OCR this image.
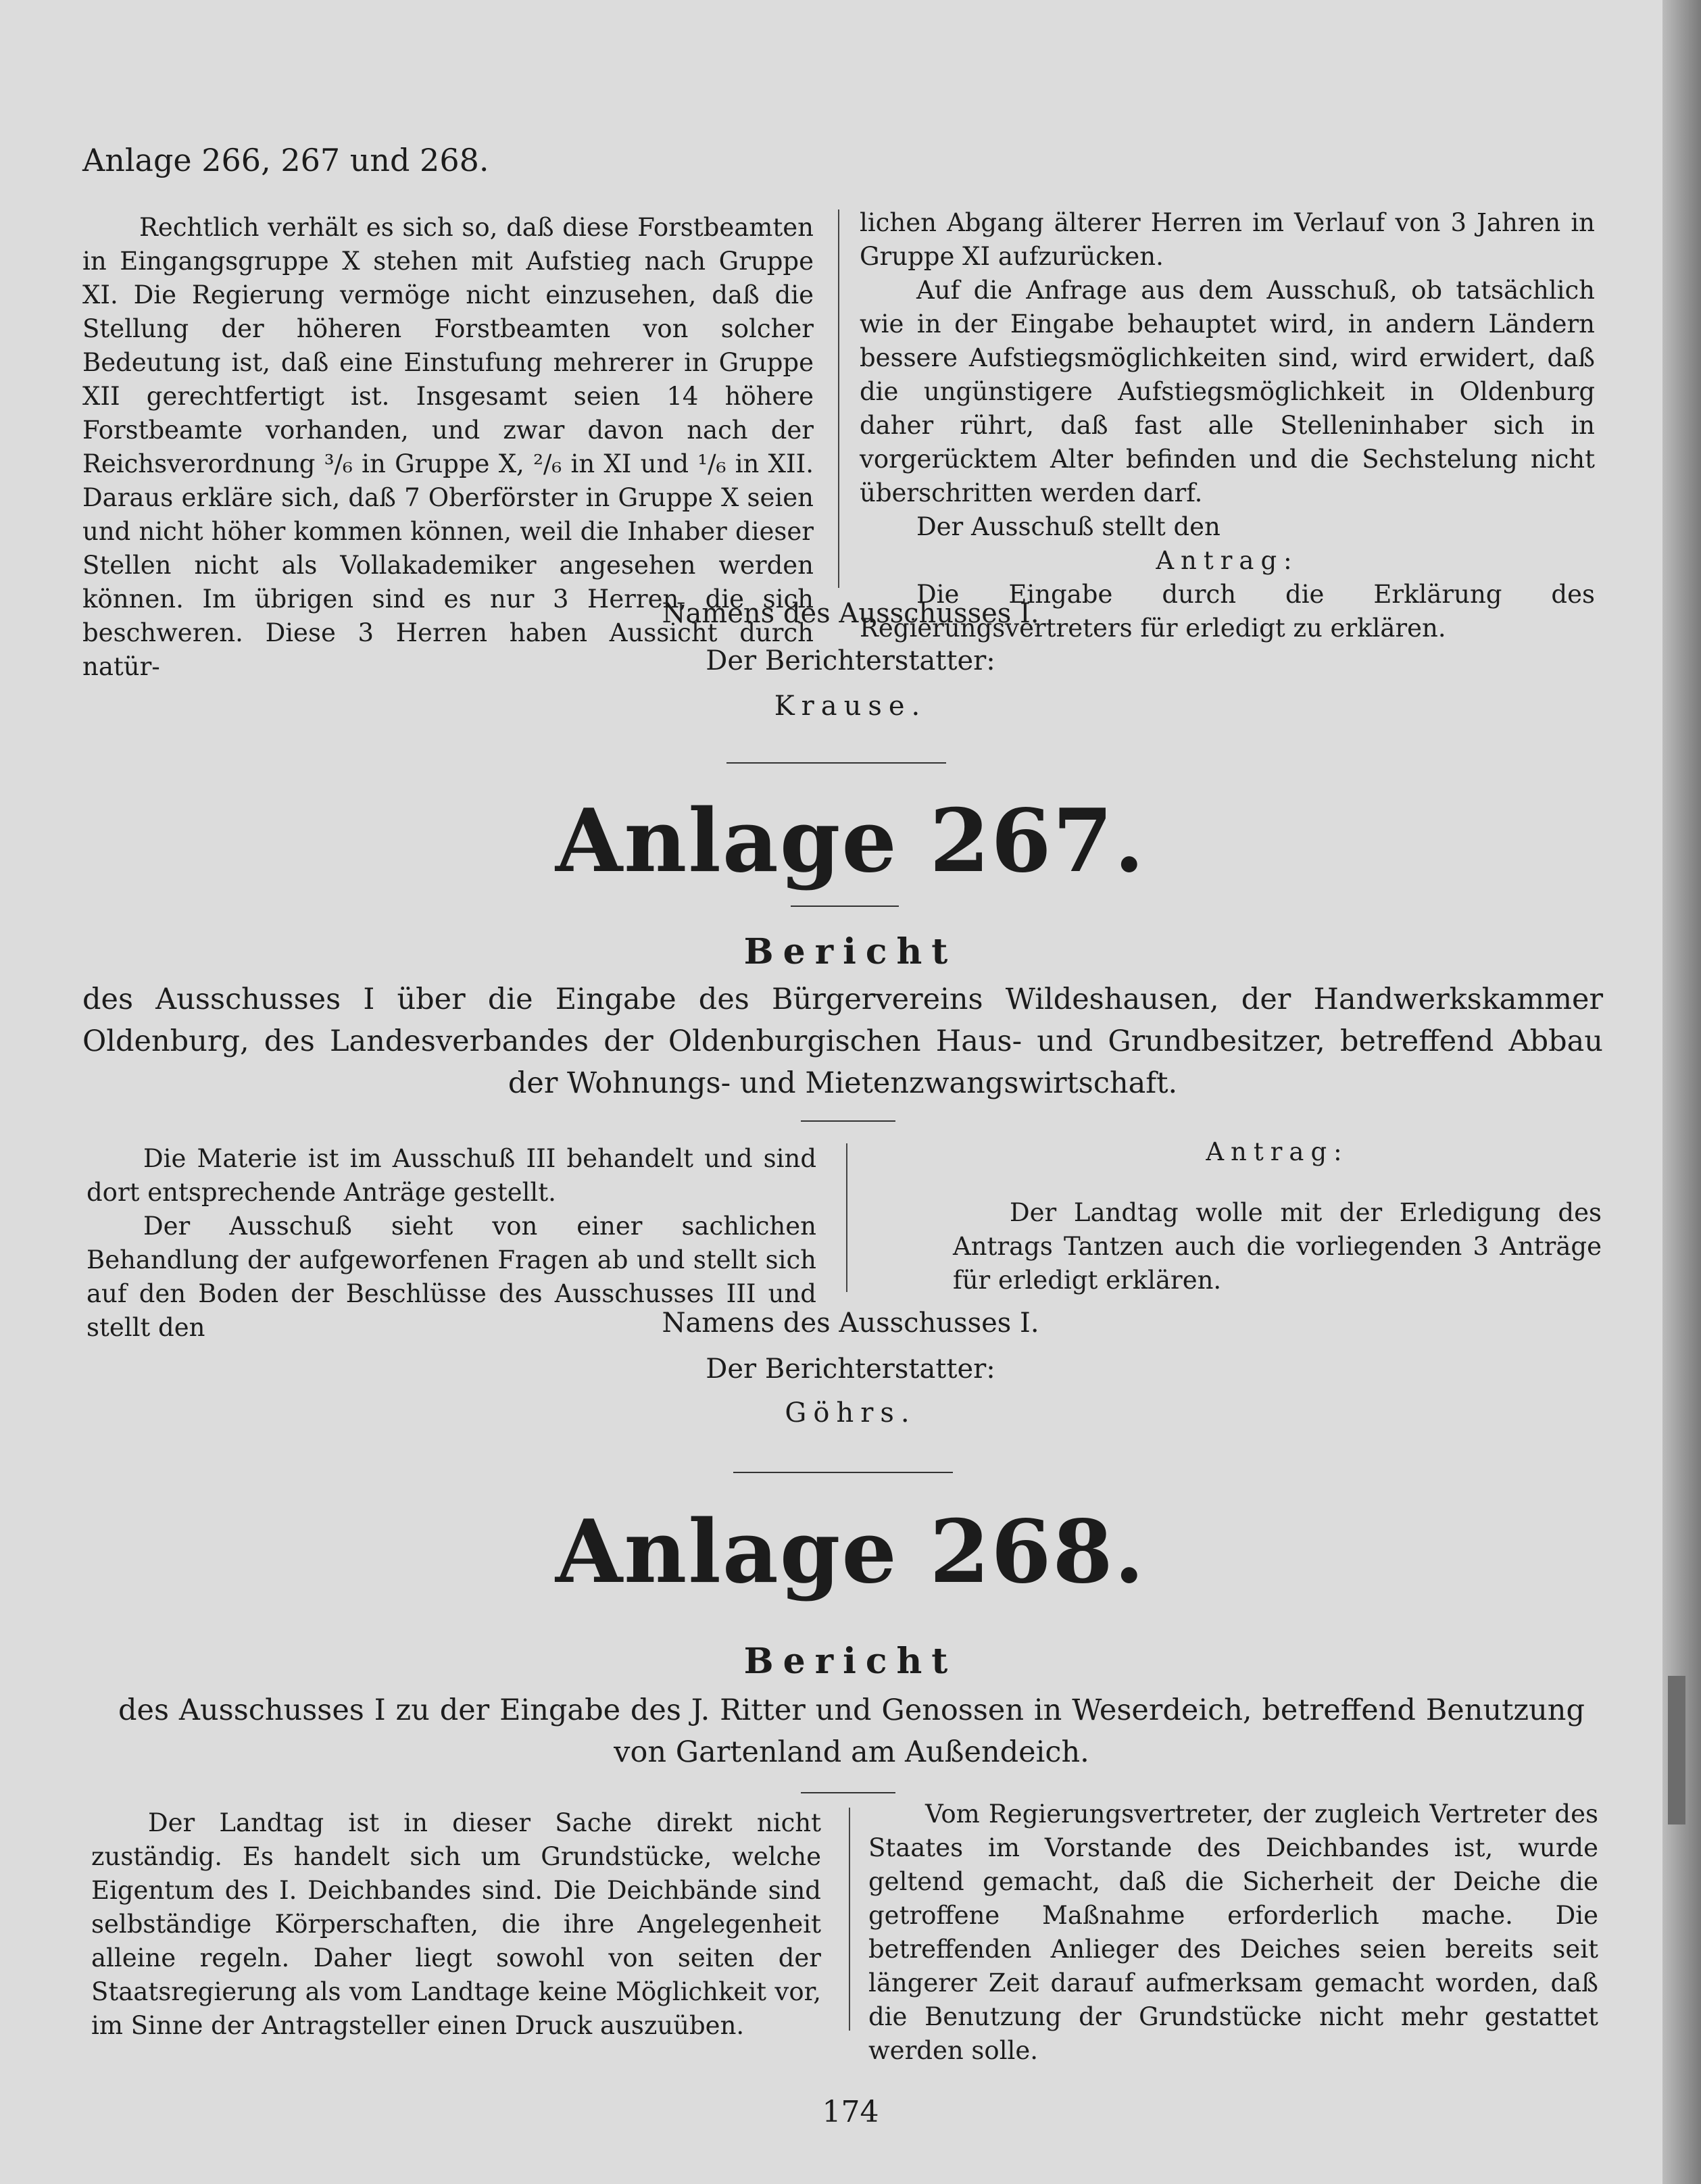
Anlage 266, 267 und 268.

Rechtlich verhält es sich so, daß diese Forstbeamten in Eingangsgruppe X stehen mit Aufstieg nach Gruppe XI. Die Regierung vermöge nicht einzusehen, daß die Stellung der höheren Forstbeamten von solcher Bedeutung ist, daß eine Einstufung mehrerer in Gruppe XII gerechtfertigt ist. Insgesamt seien 14 höhere Forstbeamte vorhanden, und zwar davon nach der Reichsverordnung ³/₆ in Gruppe X, ²/₆ in XI und ¹/₆ in XII. Daraus erkläre sich, daß 7 Oberförster in Gruppe X seien und nicht höher kommen können, weil die Inhaber dieser Stellen nicht als Vollakademiker angesehen werden können. Im übrigen sind es nur 3 Herren, die sich beschweren. Diese 3 Herren haben Aussicht durch natür-

lichen Abgang älterer Herren im Verlauf von 3 Jahren in Gruppe XI aufzurücken.

Auf die Anfrage aus dem Ausschuß, ob tatsächlich wie in der Eingabe behauptet wird, in andern Ländern bessere Aufstiegsmöglichkeiten sind, wird erwidert, daß die ungünstigere Aufstiegsmöglichkeit in Oldenburg daher rührt, daß fast alle Stelleninhaber sich in vorgerücktem Alter befinden und die Sechstelung nicht überschritten werden darf.

Der Ausschuß stellt den

Antrag:

Die Eingabe durch die Erklärung des Regierungsvertreters für erledigt zu erklären.

Namens des Ausschusses I.
Der Berichterstatter:
Krause.
Anlage 267.
Bericht
des Ausschusses I über die Eingabe des Bürgervereins Wildeshausen, der Handwerkskammer Oldenburg, des Landesverbandes der Oldenburgischen Haus- und Grundbesitzer, betreffend Abbau der Wohnungs- und Mietenzwangswirtschaft.

Die Materie ist im Ausschuß III behandelt und sind dort entsprechende Anträge gestellt.

Der Ausschuß sieht von einer sachlichen Behandlung der aufgeworfenen Fragen ab und stellt sich auf den Boden der Beschlüsse des Ausschusses III und stellt den

Antrag:

Der Landtag wolle mit der Erledigung des Antrags Tantzen auch die vorliegenden 3 Anträge für erledigt erklären.

Namens des Ausschusses I.
Der Berichterstatter:
Göhrs.
Anlage 268.
Bericht
des Ausschusses I zu der Eingabe des J. Ritter und Genossen in Weserdeich, betreffend Benutzung von Gartenland am Außendeich.

Der Landtag ist in dieser Sache direkt nicht zuständig. Es handelt sich um Grundstücke, welche Eigentum des I. Deichbandes sind. Die Deichbände sind selbständige Körperschaften, die ihre Angelegenheit alleine regeln. Daher liegt sowohl von seiten der Staatsregierung als vom Landtage keine Möglichkeit vor, im Sinne der Antragsteller einen Druck auszuüben.

Vom Regierungsvertreter, der zugleich Vertreter des Staates im Vorstande des Deichbandes ist, wurde geltend gemacht, daß die Sicherheit der Deiche die getroffene Maßnahme erforderlich mache. Die betreffenden Anlieger des Deiches seien bereits seit längerer Zeit darauf aufmerksam gemacht worden, daß die Benutzung der Grundstücke nicht mehr gestattet werden solle.

174
